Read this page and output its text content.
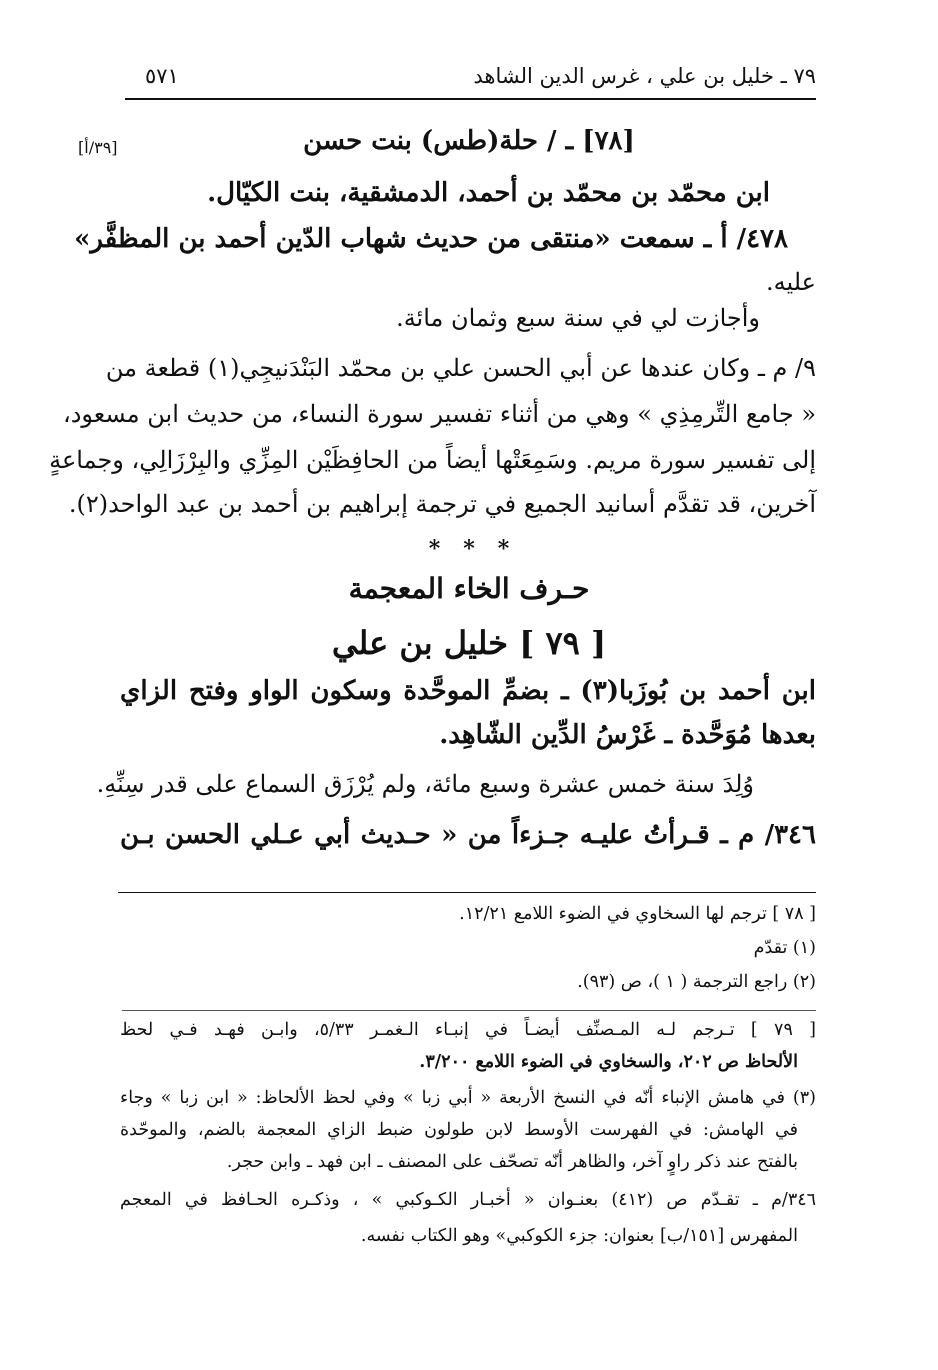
٧٩ ـ خليل بن علي ، غرس الدين الشاهد
٥٧١
[٧٨] ـ / حلة(طس) بنت حسن
[٣٩/أ]
ابن محمّد بن محمّد بن أحمد، الدمشقية، بنت الكيّال.
٤٧٨/ أ ـ سمعت «منتقى من حديث شهاب الدّين أحمد بن المظفَّر»
عليه.
وأجازت لي في سنة سبع وثمان مائة.
٩/ م ـ وكان عندها عن أبي الحسن علي بن محمّد البَنْدَنيجِي(١) قطعة من
« جامع التِّرمِذِي » وهي من أثناء تفسير سورة النساء، من حديث ابن مسعود،
إلى تفسير سورة مريم. وسَمِعَتْها أيضاً من الحافِظَيْن المِزِّي والبِرْزَالِي، وجماعةٍ
آخرين، قد تقدَّم أسانيد الجميع في ترجمة إبراهيم بن أحمد بن عبد الواحد(٢).
*   *   *
حـرف الخاء المعجمة
[ ٧٩ ] خليل بن علي
ابن أحمد بن بُوزَبا(٣) ـ بضمِّ الموحَّدة وسكون الواو وفتح الزاي
بعدها مُوَحَّدة ـ غَرْسُ الدِّين الشّاهِد.
وُلِدَ سنة خمس عشرة وسبع مائة، ولم يُرْزَق السماع على قدر سِنِّهِ.
٣٤٦/ م ـ قـرأتُ عليـه جـزءاً من « حـديث أبي عـلي الحسن بـن
[ ٧٨ ] ترجم لها السخاوي في الضوء اللامع ١٢/٢١.
(١) تقدّم
(٢) راجع الترجمة ( ١ )، ص (٩٣).
[ ٧٩ ] تـرجم لـه المـصنِّف أيضـاً في إنبـاء الـغمـر ٥/٣٣، وابـن فهـد فـي لحظ
الألحاظ ص ٢٠٢، والسخاوي في الضوء اللامع ٣/٢٠٠.
(٣) في هامش الإنباء أنّه في النسخ الأربعة « أبي زبا » وفي لحظ الألحاظ: « ابن زبا » وجاء
في الهامش: في الفهرست الأوسط لابن طولون ضبط الزاي المعجمة بالضم، والموحّدة
بالفتح عند ذكر راوٍ آخر، والظاهر أنّه تصحّف على المصنف ـ ابن فهد ـ وابن حجر.
٣٤٦/م ـ تقـدّم ص (٤١٢) بعنـوان « أخبـار الكـوكبي » ، وذكـره الحـافظ في المعجم
المفهرس [١٥١/ب] بعنوان: جزء الكوكبي» وهو الكتاب نفسه.
